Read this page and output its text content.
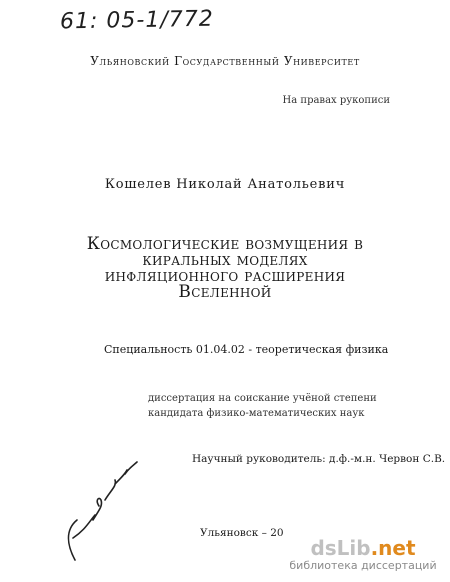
61: 05-1/772
Ульяновский Государственный Университет
На правах рукописи
Кошелев Николай Анатольевич
Космологические возмущения в
киральных моделях
инфляционного расширения
Вселенной
Специальность 01.04.02 - теоретическая физика
диссертация на соискание учёной степени
кандидата физико-математических наук
Научный руководитель: д.ф.-м.н. Червон С.В.
Ульяновск – 20
dsLib.net
библиотека диссертаций
